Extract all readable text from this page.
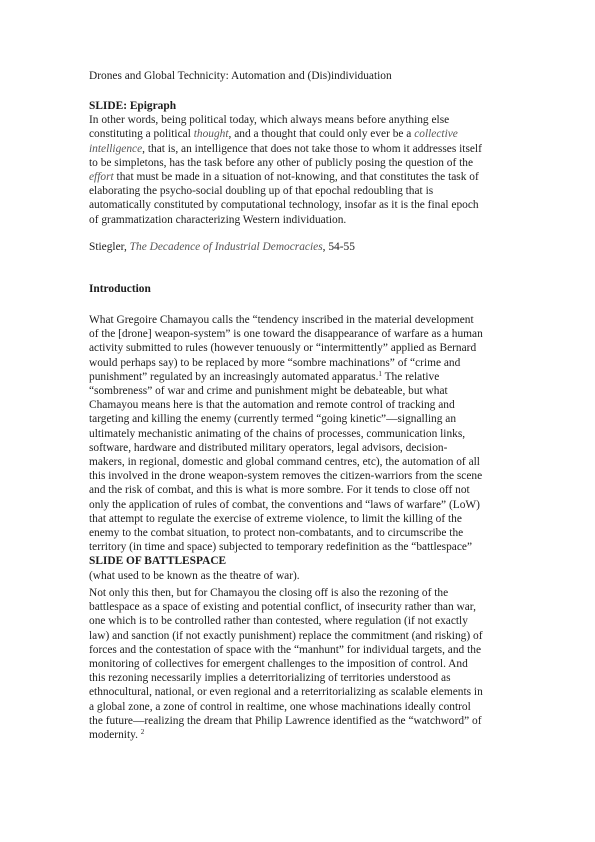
Drones and Global Technicity: Automation and (Dis)individuation
SLIDE: Epigraph
In other words, being political today, which always means before anything else
constituting a political thought, and a thought that could only ever be a collective
intelligence, that is, an intelligence that does not take those to whom it addresses itself
to be simpletons, has the task before any other of publicly posing the question of the
effort that must be made in a situation of not-knowing, and that constitutes the task of
elaborating the psycho-social doubling up of that epochal redoubling that is
automatically constituted by computational technology, insofar as it is the final epoch
of grammatization characterizing Western individuation.
Stiegler, The Decadence of Industrial Democracies, 54-55
Introduction
What Gregoire Chamayou calls the “tendency inscribed in the material development
of the [drone] weapon-system” is one toward the disappearance of warfare as a human
activity submitted to rules (however tenuously or “intermittently” applied as Bernard
would perhaps say) to be replaced by more “sombre machinations” of “crime and
punishment” regulated by an increasingly automated apparatus.$^1$ The relative
“sombreness” of war and crime and punishment might be debateable, but what
Chamayou means here is that the automation and remote control of tracking and
targeting and killing the enemy (currently termed “going kinetic”—signalling an
ultimately mechanistic animating of the chains of processes, communication links,
software, hardware and distributed military operators, legal advisors, decision-
makers, in regional, domestic and global command centres, etc), the automation of all
this involved in the drone weapon-system removes the citizen-warriors from the scene
and the risk of combat, and this is what is more sombre. For it tends to close off not
only the application of rules of combat, the conventions and “laws of warfare” (LoW)
that attempt to regulate the exercise of extreme violence, to limit the killing of the
enemy to the combat situation, to protect non-combatants, and to circumscribe the
territory (in time and space) subjected to temporary redefinition as the “battlespace”
SLIDE OF BATTLESPACE
(what used to be known as the theatre of war).
Not only this then, but for Chamayou the closing off is also the rezoning of the
battlespace as a space of existing and potential conflict, of insecurity rather than war,
one which is to be controlled rather than contested, where regulation (if not exactly
law) and sanction (if not exactly punishment) replace the commitment (and risking) of
forces and the contestation of space with the “manhunt” for individual targets, and the
monitoring of collectives for emergent challenges to the imposition of control. And
this rezoning necessarily implies a deterritorializing of territories understood as
ethnocultural, national, or even regional and a reterritorializing as scalable elements in
a global zone, a zone of control in realtime, one whose machinations ideally control
the future—realizing the dream that Philip Lawrence identified as the “watchword” of
modernity. $^2$
